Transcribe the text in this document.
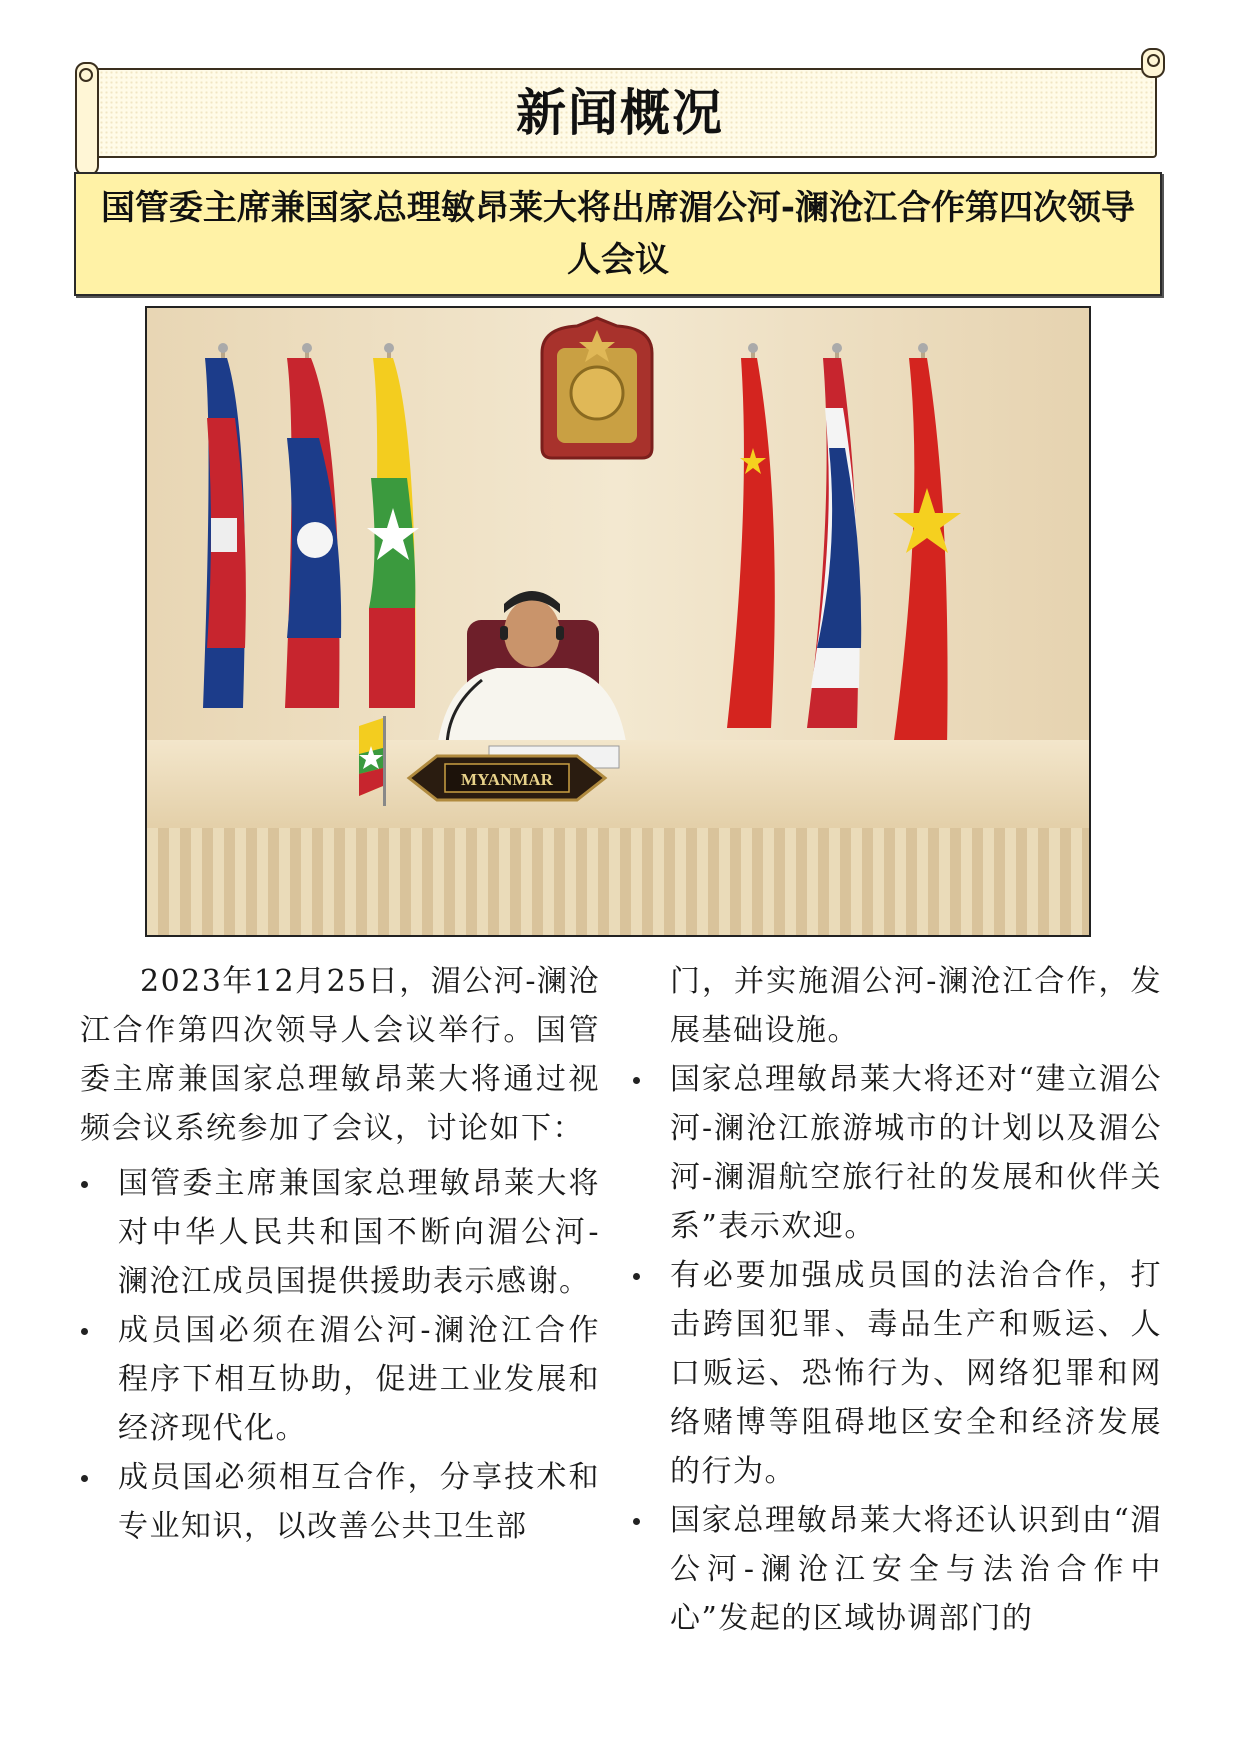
新闻概况
国管委主席兼国家总理敏昂莱大将出席湄公河-澜沧江合作第四次领导人会议
MYANMAR

2023年12月25日，湄公河-澜沧江合作第四次领导人会议举行。国管委主席兼国家总理敏昂莱大将通过视频会议系统参加了会议，讨论如下：

国管委主席兼国家总理敏昂莱大将对中华人民共和国不断向湄公河-澜沧江成员国提供援助表示感谢。
成员国必须在湄公河-澜沧江合作程序下相互协助，促进工业发展和经济现代化。
成员国必须相互合作，分享技术和专业知识，以改善公共卫生部
门，并实施湄公河-澜沧江合作，发展基础设施。
国家总理敏昂莱大将还对“建立湄公河-澜沧江旅游城市的计划以及湄公河-澜湄航空旅行社的发展和伙伴关系”表示欢迎。
有必要加强成员国的法治合作，打击跨国犯罪、毒品生产和贩运、人口贩运、恐怖行为、网络犯罪和网络赌博等阻碍地区安全和经济发展的行为。
国家总理敏昂莱大将还认识到由“湄公河-澜沧江安全与法治合作中心”发起的区域协调部门的
